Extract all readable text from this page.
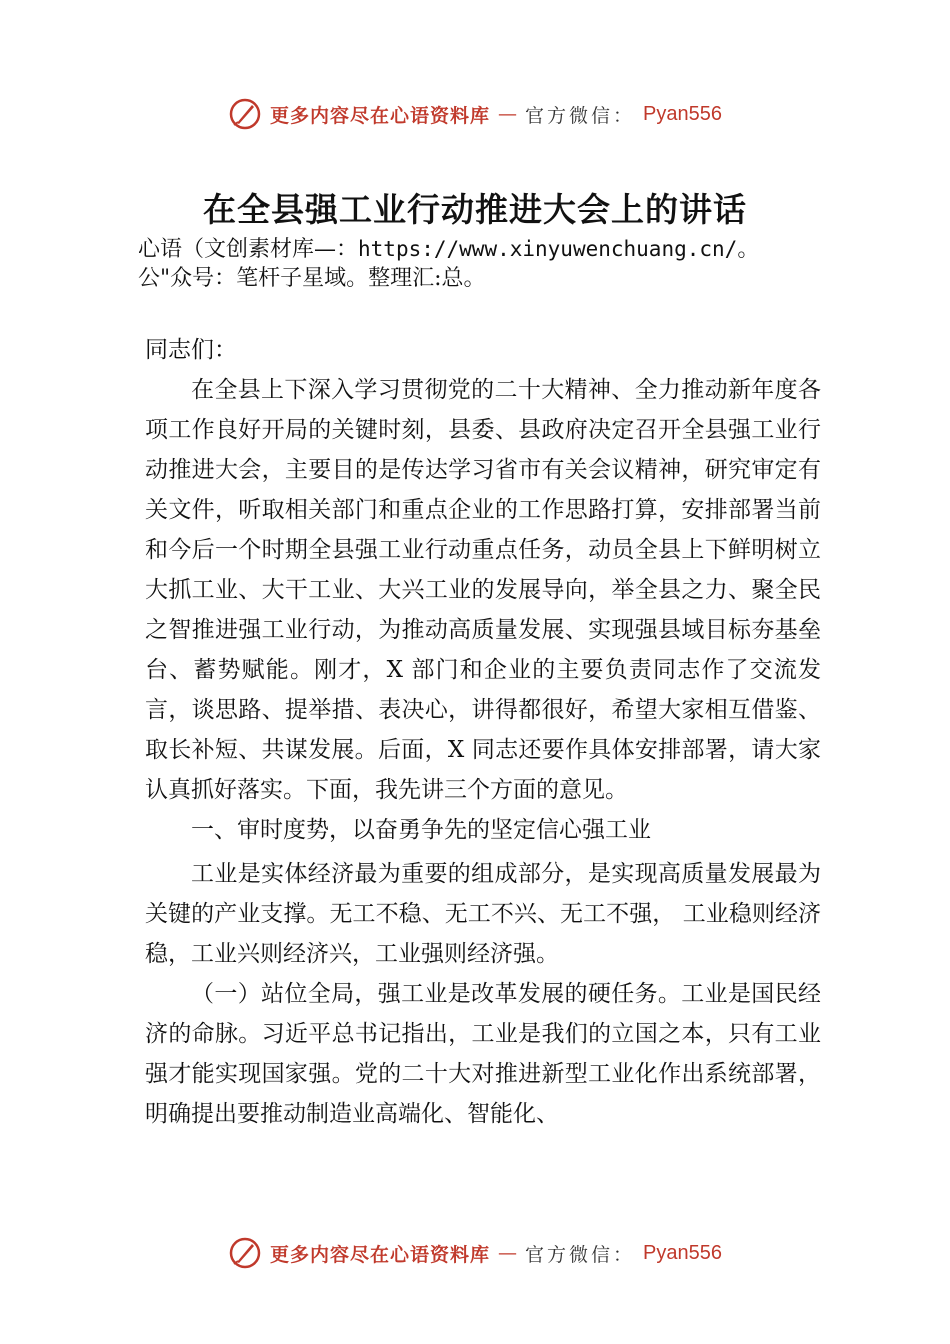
更多内容尽在心语资料库 — 官方微信： Pyan556
在全县强工业行动推进大会上的讲话

心语（文创素材库—：https://www.xinyuwenchuang.cn/。

公"众号：笔杆子星域。整理汇:总。

同志们：

在全县上下深入学习贯彻党的二十大精神、全力推动新年度各项工作良好开局的关键时刻，县委、县政府决定召开全县强工业行动推进大会，主要目的是传达学习省市有关会议精神，研究审定有关文件，听取相关部门和重点企业的工作思路打算，安排部署当前和今后一个时期全县强工业行动重点任务，动员全县上下鲜明树立大抓工业、大干工业、大兴工业的发展导向，举全县之力、聚全民之智推进强工业行动，为推动高质量发展、实现强县域目标夯基垒台、蓄势赋能。刚才，X 部门和企业的主要负责同志作了交流发言，谈思路、提举措、表决心，讲得都很好，希望大家相互借鉴、 取长补短、共谋发展。后面，X 同志还要作具体安排部署，请大家认真抓好落实。下面，我先讲三个方面的意见。

一、审时度势，以奋勇争先的坚定信心强工业

工业是实体经济最为重要的组成部分，是实现高质量发展最为关键的产业支撑。无工不稳、无工不兴、无工不强， 工业稳则经济稳，工业兴则经济兴，工业强则经济强。

（一）站位全局，强工业是改革发展的硬任务。工业是国民经济的命脉。习近平总书记指出，工业是我们的立国之本，只有工业强才能实现国家强。党的二十大对推进新型工业化作出系统部署，明确提出要推动制造业高端化、智能化、

更多内容尽在心语资料库 — 官方微信： Pyan556
